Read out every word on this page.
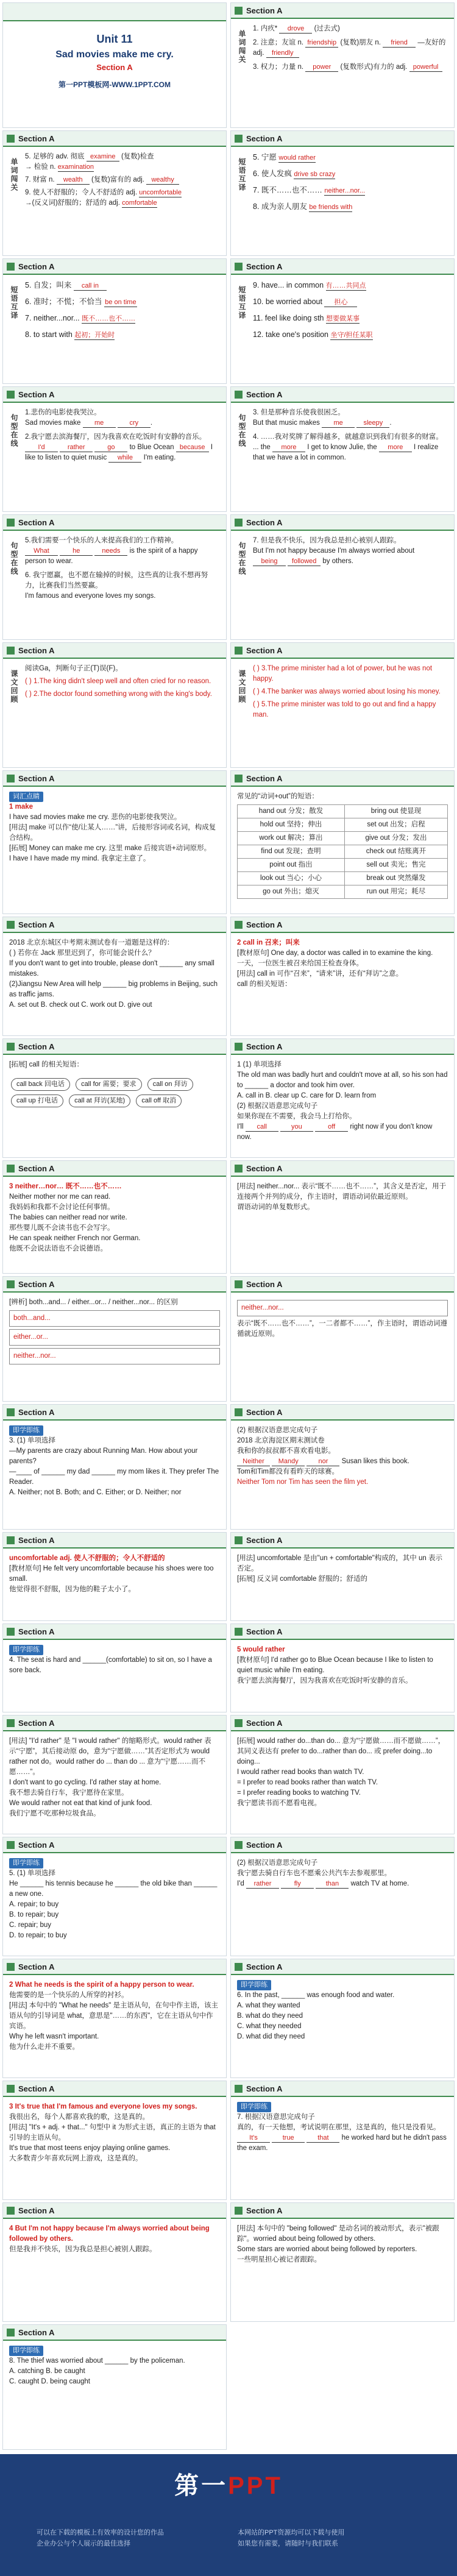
Unit 11
Sad movies make me cry.
Section A
第一PPT模板网-WWW.1PPT.COM
Section A
单词闯关
1. 内疚* drove (过去式)
2. 注意；友谊 n. friendship (复数)朋友 n. friend —友好的 adj. friendly
3. 权力；力量 n. power (复数形式)有力的 adj. powerful
Section A
单词闯关
5. 足够的 adv. 彻底 examine (复数)检查
→ 检验 n. examination
7. 财富 n. wealth (复数)富有的 adj. wealthy
9. 使人不舒服的；令人不舒适的 adj. uncomfortable
→(反义词)舒服的；舒适的 adj. comfortable
Section A
短语互译
5. 宁愿 would rather
6. 使人发疯 drive sb crazy
7. 既不……也不…… neither...nor...
8. 成为亲人朋友 be friends with
Section A
短语互译
5. 自发；叫来 call in
6. 准时；不慌；不恰当 be on time
7. neither...nor... 既不……也不……
8. to start with 起初；开始时
Section A
短语互译
9. have... in common 有……共同点
10. be worried about 担心
11. feel like doing sth 想要做某事
12. take one's position 坐守/担任某职
Section A
句型在线
1.悲伤的电影使我哭泣。
Sad movies make me	cry .
2.我宁愿去滨海餐厅，因为我喜欢在吃饭时有安静的音乐。
I'd	rather	go to Blue Ocean because I like to listen to quiet music while I'm eating.
Section A
句型在线
3. 但是那种音乐使我很困乏。
But that music makes me	sleepy .
4. ……我对奖牌了解得越多，就越意识到我们有很多的财富。
... the more I get to know Julie, the more I realize that we have a lot in common.
Section A
句型在线
5.我们需要一个快乐的人来提高我们的工作精神。
What	he	needs is the spirit of a happy person to wear.
6. 我宁愿赢，也不愿在输掉的时候，这些真的让我不想再努力，比赛我们当然要赢。
I'm famous and everyone loves my songs.
Section A
句型在线
7. 但是我不快乐，因为我总是担心被别人跟踪。
But I'm not happy because I'm always worried about being followed by others.
Section A
课文回顾
阅读Ga，判断句子正(T)误(F)。
( ) 1.The king didn't sleep well and often cried for no reason.
( ) 2.The doctor found something wrong with the king's body.
Section A
课文回顾
( ) 3.The prime minister had a lot of power, but he was not happy.
( ) 4.The banker was always worried about losing his money.
( ) 5.The prime minister was told to go out and find a happy man.
Section A
词汇点睛
1 make
I have sad movies make me cry. 悲伤的电影使我哭泣。
[用法] make 可以作“使/让某人……”讲，后接形容词或名词，构成复合结构。
[拓展] Money can make me cry. 这里 make 后接宾语+动词原形。
I have I have made my mind. 我拿定主意了。
Section A
常见的“动词+out”的短语：
hand out 分发；散发	bring out 使显现
hold out 坚持；伸出	set out 出发；启程
work out 解决；算出	give out 分发；发出
find out 发现；查明	check out 结账离开
point out 指出	sell out 卖光；售完
look out 当心；小心	break out 突然爆发
go out 外出；熄灭	run out 用完；耗尽
Section A
2018 北京东城区中考期末测试卷有一道题是这样的：
( ) 若你在 Jack 那里迟到了，你可能会说什么？
If you don't want to get into trouble, please don't ______ any small mistakes.
(2)Jiangsu New Area will help ______ big problems in Beijing, such as traffic jams.
A. set out B. check out C. work out D. give out
Section A
2 call in 召来；叫来
[教材原句] One day, a doctor was called in to examine the king.
一天，一位医生被召来给国王检查身体。
[用法] call in 可作“召来”，“请来”讲，还有“拜访”之意。
call 的相关短语：
Section A
[拓展] call 的相关短语：
call back 回电话 call for 需要；要求 call on 拜访
call up 打电话 call at 拜访(某地) call off 取消
Section A
1 (1) 单项选择
The old man was badly hurt and couldn't move at all, so his son had to ______ a doctor and took him over.
A. call in B. clear up C. care for D. learn from
(2) 根据汉语意思完成句子
如果你现在不需要，我会马上打给你。
I'll call	you	off right now if you don't know now.
Section A
3 neither…nor… 既不……也不……
Neither mother nor me can read.
我妈妈和我都不会讨论任何事情。
The babies can neither read nor write.
那些婴儿既不会读书也不会写字。
He can speak neither French nor German.
他既不会说法语也不会说德语。
Section A
[用法] neither...nor... 表示“既不……也不……”，其含义是否定，用于连接两个并列的成分，作主语时，谓语动词依最近原则。
谓语动词的单复数形式。
Section A
[辨析] both...and... / either...or... / neither...nor... 的区别
both...and...
either...or...
neither...nor...
Section A
neither...nor...
表示“既不……也不……”，一二者都不……”，作主语时，谓语动词遵循就近原则。
Section A
即学即练
3. (1) 单项选择
—My parents are crazy about Running Man. How about your parents?
—____ of ______ my dad ______ my mom likes it. They prefer The Reader.
A. Neither; not B. Both; and C. Either; or D. Neither; nor
Section A
(2) 根据汉语意思完成句子
2018 北京海淀区期末测试卷
我和你的叔叔都不喜欢看电影。
Neither Mandy	nor Susan likes this book.
Tom和Tim都没有看昨天的球赛。
Neither Tom nor Tim has seen the film yet.
Section A
uncomfortable adj. 使人不舒服的；令人不舒适的
[教材原句] He felt very uncomfortable because his shoes were too small.
他觉得很不舒服，因为他的鞋子太小了。
Section A
[用法] uncomfortable 是由"un + comfortable"构成的，其中 un 表示否定。
[拓展] 反义词 comfortable 舒服的；舒适的
Section A
即学即练
4. The seat is hard and ______(comfortable) to sit on, so I have a sore back.
Section A
5 would rather
[教材原句] I'd rather go to Blue Ocean because I like to listen to quiet music while I'm eating.
我宁愿去滨海餐厅，因为我喜欢在吃饭时听安静的音乐。
Section A
[用法] "I'd rather" 是 "I would rather" 的缩略形式。would rather 表示“宁愿”，其后接动原 do，意为“宁愿做……”其否定形式为 would rather not do。would rather do ... than do ... 意为“宁愿……而不愿……”。
I don't want to go cycling. I'd rather stay at home.
我不想去骑自行车，我宁愿待在家里。
We would rather not eat that kind of junk food.
我们宁愿不吃那种垃圾食品。
Section A
[拓展] would rather do...than do... 意为“宁愿做……而不愿做……”，其同义表达有 prefer to do...rather than do... 或 prefer doing...to doing...
I would rather read books than watch TV.
= I prefer to read books rather than watch TV.
= I prefer reading books to watching TV.
我宁愿读书而不愿看电视。
Section A
即学即练
5. (1) 单项选择
He ______ his tennis because he ______ the old bike than ______ a new one.
A. repair; to buy
B. to repair; buy
C. repair; buy
D. to repair; to buy
Section A
(2) 根据汉语意思完成句子
我宁愿去骑自行车也不愿乘公共汽车去参观那里。
I'd rather	fly	than watch TV at home.
Section A
2 What he needs is the spirit of a happy person to wear.
他需要的是一个快乐的人所穿的衬衫。
[用法] 本句中的 "What he needs" 是主语从句，在句中作主语，该主语从句的引导词是 what，意思是"……的东西"，它在主语从句中作宾语。
Why he left wasn't important.
他为什么走并不重要。
Section A
即学即练
6. In the past, ______ was enough food and water.
A. what they wanted
B. what do they need
C. what they needed
D. what did they need
Section A
3 It's true that I'm famous and everyone loves my songs.
我很出名，每个人都喜欢我的歌，这是真的。
[用法] "It's + adj. + that..." 句型中 it 为形式主语，真正的主语为 that 引导的主语从句。
It's true that most teens enjoy playing online games.
大多数青少年喜欢玩网上游戏，这是真的。
Section A
即学即练
7. 根据汉语意思完成句子
真的，有一天他想，考试说明在那里，这是真的，他只是没看见。
It's	true	that he worked hard but he didn't pass the exam.
Section A
4 But I'm not happy because I'm always worried about being followed by others.
但是我并不快乐，因为我总是担心被别人跟踪。
Section A
[用法] 本句中的 "being followed" 是动名词的被动形式，表示"被跟踪"。worried about being followed by others.
Some stars are worried about being followed by reporters.
一些明星担心被记者跟踪。
Section A
即学即练
8. The thief was worried about ______ by the policeman.
A. catching B. be caught
C. caught D. being caught
第一PPT
可以在下载的模板上有效率的设计您的作品
企业办公与个人展示的最佳选择
本网站的PPT资源均可以下载与使用
如果您有需要，请随时与我们联系
